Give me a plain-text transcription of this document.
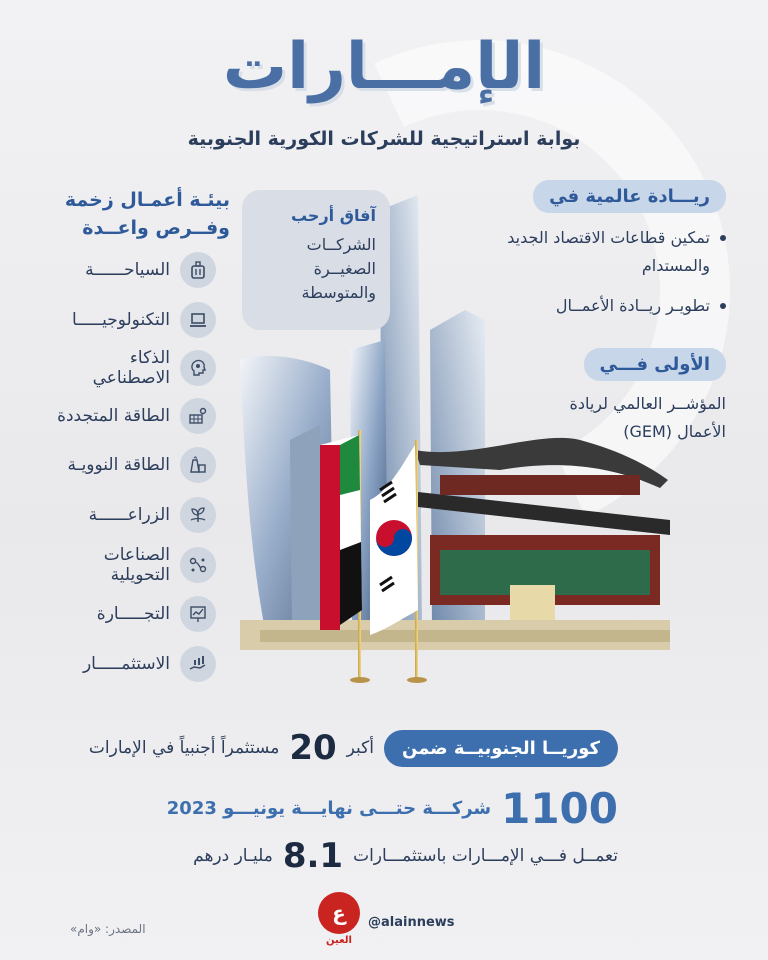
الإمـــارات
بوابة استراتيجية للشركات الكورية الجنوبية
ريـــادة عالمية في
تمكين قطاعات الاقتصاد الجديد والمستدام
تطويـر ريــادة الأعمــال
الأولى فـــي
المؤشــر العالمي لريادة الأعمال (GEM)
بيئـة أعمـال زخمة وفــرص واعــدة
السياحــــــة
التكنولوجيـــــا
الذكاء الاصطناعي
الطاقة المتجددة
الطاقة النوويـة
الزراعــــــة
الصناعات التحويلية
التجـــــارة
الاستثمـــــار
آفاق أرحب
الشركــات الصغيــرة والمتوسطة
كوريــا الجنوبيــة ضمن
أكبر
20
مستثمراً أجنبياً في الإمارات
1100
شركـــة حتـــى نهايـــة يونيـــو 2023
تعمــل فـــي الإمـــارات باستثمـــارات
8.1
مليـار درهم
ع
العين
@alainnews
المصدر: «وام»
